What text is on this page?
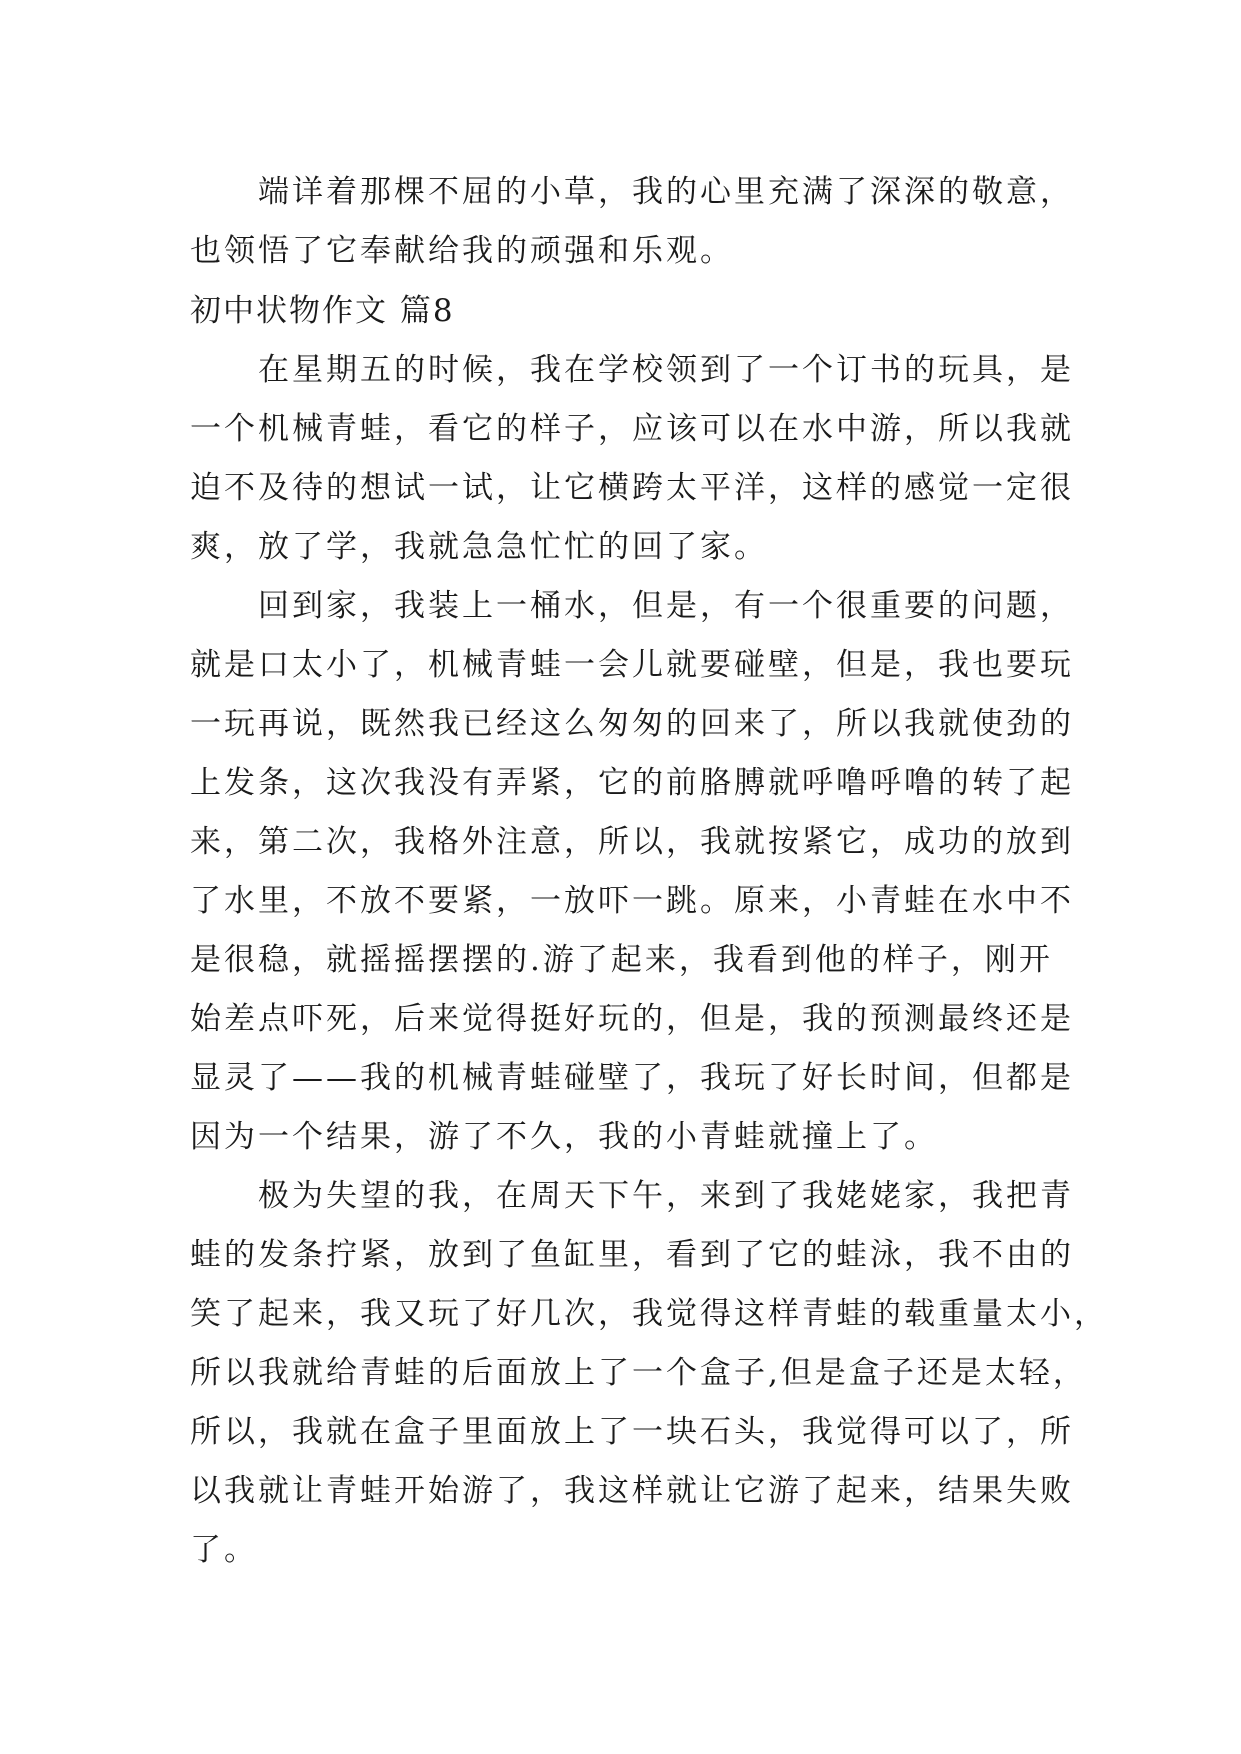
端详着那棵不屈的小草，我的心里充满了深深的敬意，
也领悟了它奉献给我的顽强和乐观。
初中状物作文 篇8
在星期五的时候，我在学校领到了一个订书的玩具，是
一个机械青蛙，看它的样子，应该可以在水中游，所以我就
迫不及待的想试一试，让它横跨太平洋，这样的感觉一定很
爽，放了学，我就急急忙忙的回了家。
回到家，我装上一桶水，但是，有一个很重要的问题，
就是口太小了，机械青蛙一会儿就要碰壁，但是，我也要玩
一玩再说，既然我已经这么匆匆的回来了，所以我就使劲的
上发条，这次我没有弄紧，它的前胳膊就呼噜呼噜的转了起
来，第二次，我格外注意，所以，我就按紧它，成功的放到
了水里，不放不要紧，一放吓一跳。原来，小青蛙在水中不
是很稳，就摇摇摆摆的.游了起来，我看到他的样子，刚开
始差点吓死，后来觉得挺好玩的，但是，我的预测最终还是
显灵了——我的机械青蛙碰壁了，我玩了好长时间，但都是
因为一个结果，游了不久，我的小青蛙就撞上了。
极为失望的我，在周天下午，来到了我姥姥家，我把青
蛙的发条拧紧，放到了鱼缸里，看到了它的蛙泳，我不由的
笑了起来，我又玩了好几次，我觉得这样青蛙的载重量太小，
所以我就给青蛙的后面放上了一个盒子,但是盒子还是太轻，
所以，我就在盒子里面放上了一块石头，我觉得可以了，所
以我就让青蛙开始游了，我这样就让它游了起来，结果失败
了。
